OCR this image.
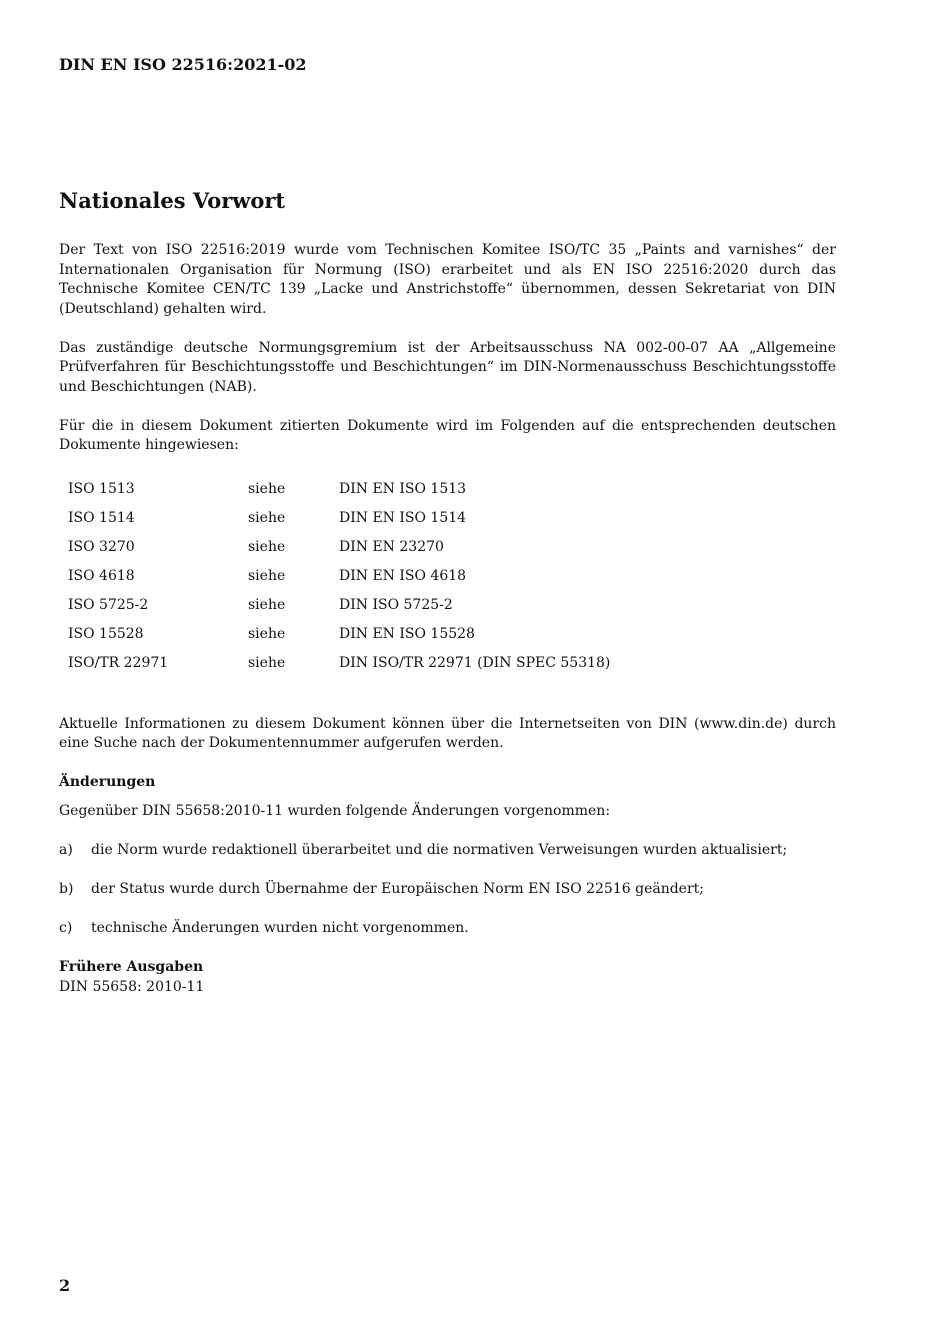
DIN EN ISO 22516:2021-02
Nationales Vorwort

Der Text von ISO 22516:2019 wurde vom Technischen Komitee ISO/TC 35 „Paints and varnishes“ der Internationalen Organisation für Normung (ISO) erarbeitet und als EN ISO 22516:2020 durch das Technische Komitee CEN/TC 139 „Lacke und Anstrichstoffe“ übernommen, dessen Sekretariat von DIN (Deutschland) gehalten wird.

Das zuständige deutsche Normungsgremium ist der Arbeitsausschuss NA 002-00-07 AA „Allgemeine Prüfverfahren für Beschichtungsstoffe und Beschichtungen“ im DIN-Normenausschuss Beschichtungsstoffe und Beschichtungen (NAB).

Für die in diesem Dokument zitierten Dokumente wird im Folgenden auf die entsprechenden deutschen Dokumente hingewiesen:

ISO 1513	siehe	DIN EN ISO 1513
ISO 1514	siehe	DIN EN ISO 1514
ISO 3270	siehe	DIN EN 23270
ISO 4618	siehe	DIN EN ISO 4618
ISO 5725-2	siehe	DIN ISO 5725-2
ISO 15528	siehe	DIN EN ISO 15528
ISO/TR 22971	siehe	DIN ISO/TR 22971 (DIN SPEC 55318)

Aktuelle Informationen zu diesem Dokument können über die Internetseiten von DIN (www.din.de) durch eine Suche nach der Dokumentennummer aufgerufen werden.

Änderungen
Gegenüber DIN 55658:2010-11 wurden folgende Änderungen vorgenommen:
a)	die Norm wurde redaktionell überarbeitet und die normativen Verweisungen wurden aktualisiert;
b)	der Status wurde durch Übernahme der Europäischen Norm EN ISO 22516 geändert;
c)	technische Änderungen wurden nicht vorgenommen.
Frühere Ausgaben
DIN 55658: 2010-11
2
